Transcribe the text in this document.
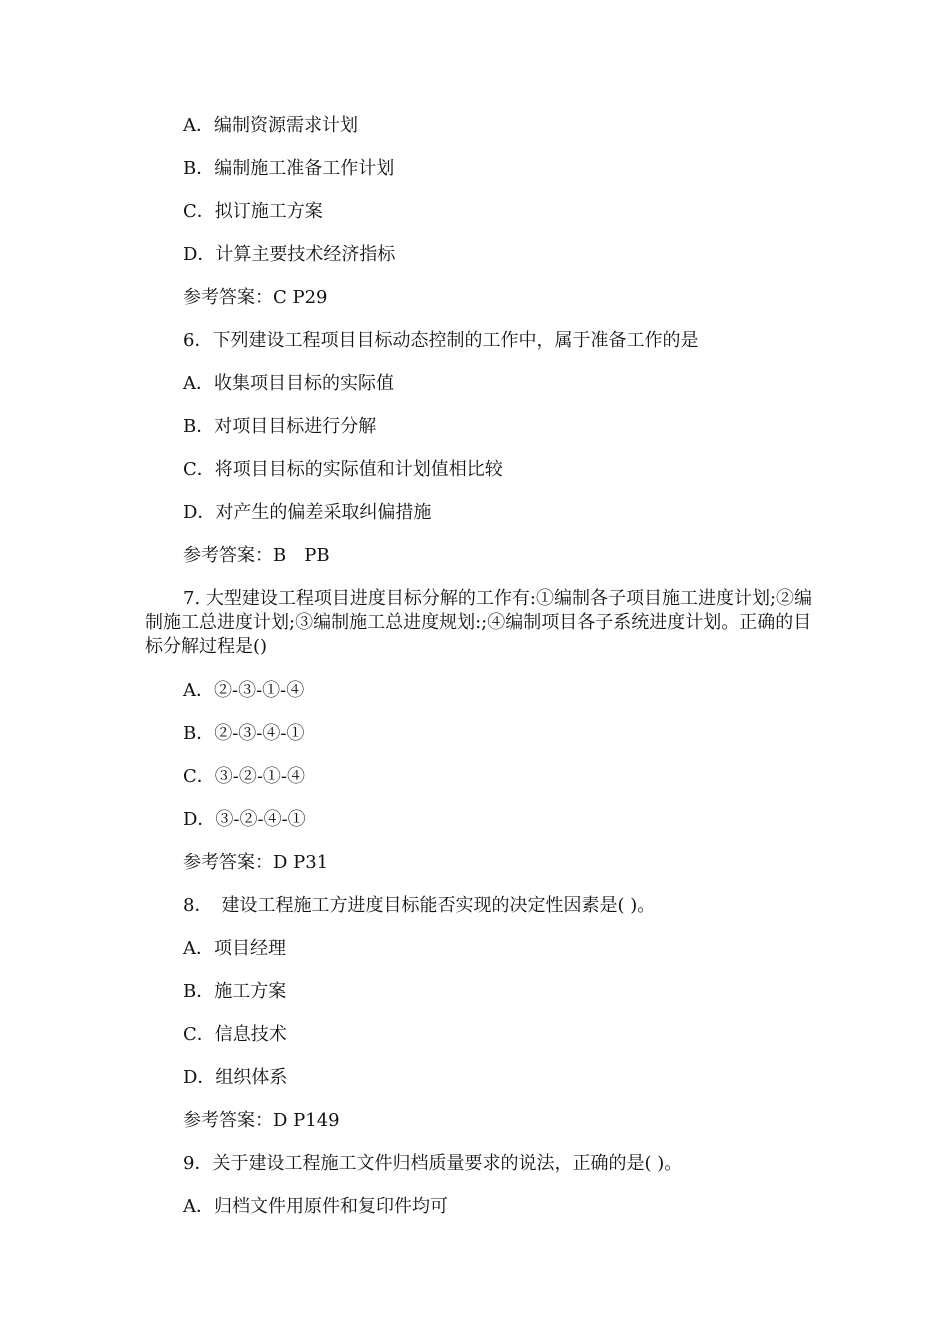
A．编制资源需求计划
B．编制施工准备工作计划
C．拟订施工方案
D．计算主要技术经济指标
参考答案：C P29
6．下列建设工程项目目标动态控制的工作中，属于准备工作的是
A．收集项目目标的实际值
B．对项目目标进行分解
C．将项目目标的实际值和计划值相比较
D．对产生的偏差采取纠偏措施
参考答案：B　PB
7. 大型建设工程项目进度目标分解的工作有:①编制各子项目施工进度计划;②编制施工总进度计划;③编制施工总进度规划:;④编制项目各子系统进度计划。正确的目标分解过程是()
A．②-③-①-④
B．②-③-④-①
C．③-②-①-④
D．③-②-④-①
参考答案：D P31
8．　建设工程施工方进度目标能否实现的决定性因素是( )。
A．项目经理
B．施工方案
C．信息技术
D．组织体系
参考答案：D P149
9．关于建设工程施工文件归档质量要求的说法，正确的是( )。
A．归档文件用原件和复印件均可
